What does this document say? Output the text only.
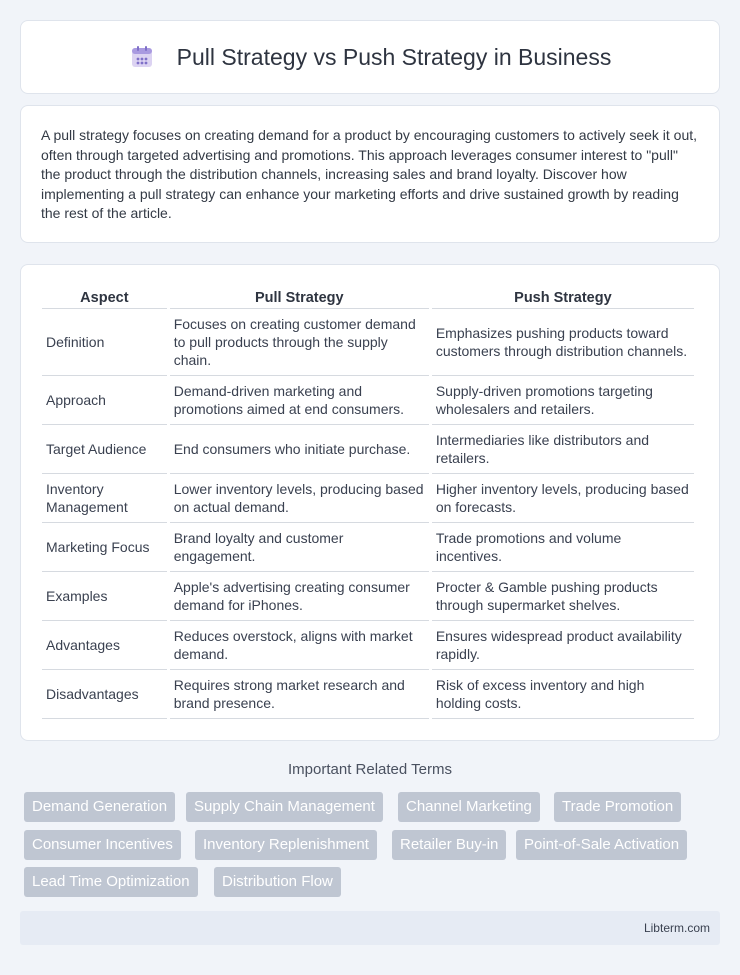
Pull Strategy vs Push Strategy in Business

A pull strategy focuses on creating demand for a product by encouraging customers to actively seek it out, often through targeted advertising and promotions. This approach leverages consumer interest to "pull" the product through the distribution channels, increasing sales and brand loyalty. Discover how implementing a pull strategy can enhance your marketing efforts and drive sustained growth by reading the rest of the article.

Aspect	Pull Strategy	Push Strategy
Definition	Focuses on creating customer demand to pull products through the supply chain.	Emphasizes pushing products toward customers through distribution channels.
Approach	Demand-driven marketing and promotions aimed at end consumers.	Supply-driven promotions targeting wholesalers and retailers.
Target Audience	End consumers who initiate purchase.	Intermediaries like distributors and retailers.
Inventory Management	Lower inventory levels, producing based on actual demand.	Higher inventory levels, producing based on forecasts.
Marketing Focus	Brand loyalty and customer engagement.	Trade promotions and volume incentives.
Examples	Apple's advertising creating consumer demand for iPhones.	Procter & Gamble pushing products through supermarket shelves.
Advantages	Reduces overstock, aligns with market demand.	Ensures widespread product availability rapidly.
Disadvantages	Requires strong market research and brand presence.	Risk of excess inventory and high holding costs.
Important Related Terms
Demand Generation	Supply Chain Management	Channel Marketing	Trade Promotion
Consumer Incentives	Inventory Replenishment	Retailer Buy-in	Point-of-Sale Activation
Lead Time Optimization	Distribution Flow
Libterm.com
